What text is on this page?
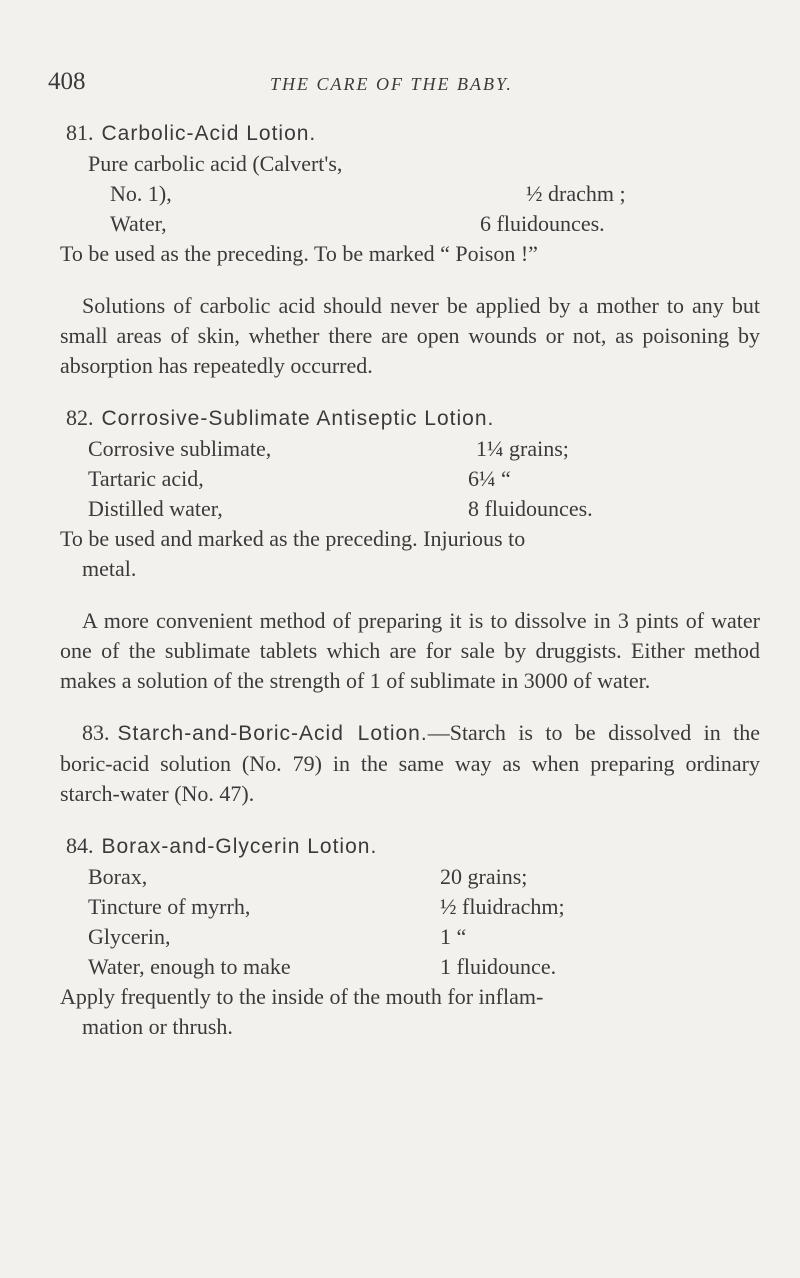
408	THE CARE OF THE BABY.
81. Carbolic-Acid Lotion.
Pure carbolic acid (Calvert's,
No. 1),	½ drachm ;
Water,	6 fluidounces.
To be used as the preceding. To be marked “ Poison !”

Solutions of carbolic acid should never be applied by a mother to any but small areas of skin, whether there are open wounds or not, as poisoning by absorption has repeatedly occurred.

82. Corrosive-Sublimate Antiseptic Lotion.
Corrosive sublimate,	1¼ grains;
Tartaric acid,	6¼ “
Distilled water,	8 fluidounces.
To be used and marked as the preceding. Injurious to
metal.

A more convenient method of preparing it is to dissolve in 3 pints of water one of the sublimate tablets which are for sale by druggists. Either method makes a solution of the strength of 1 of sublimate in 3000 of water.

83. Starch-and-Boric-Acid Lotion.—Starch is to be dissolved in the boric-acid solution (No. 79) in the same way as when preparing ordinary starch-water (No. 47).

84. Borax-and-Glycerin Lotion.
Borax,	20 grains;
Tincture of myrrh,	½ fluidrachm;
Glycerin,	1 “
Water, enough to make	1 fluidounce.
Apply frequently to the inside of the mouth for inflam-
mation or thrush.
